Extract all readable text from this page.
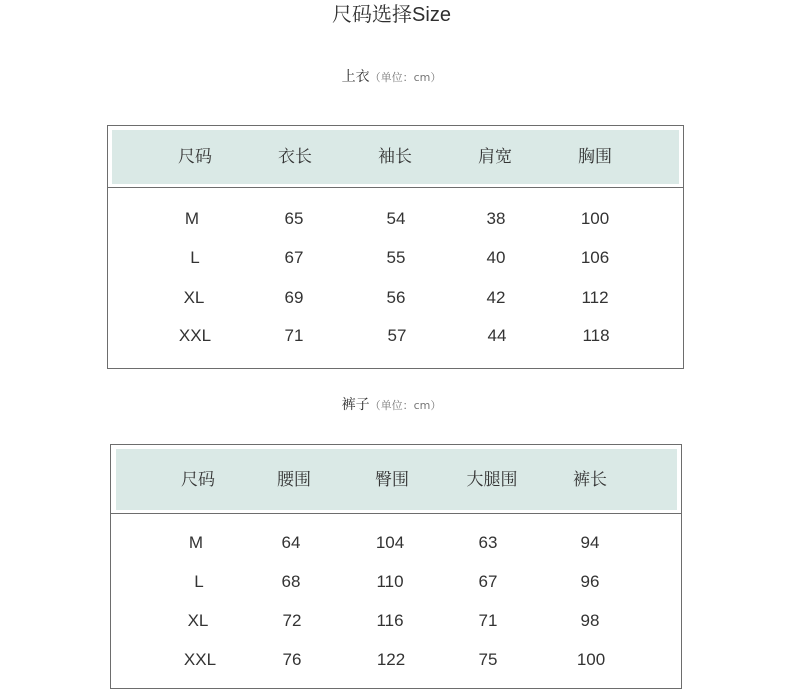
尺码选择Size
上衣（单位：cm）
尺码	衣长	袖长	肩宽	胸围
M	65	54	38	100
L	67	55	40	106
XL	69	56	42	112
XXL	71	57	44	118
裤子（单位：cm）
尺码	腰围	臀围	大腿围	裤长
M	64	104	63	94
L	68	110	67	96
XL	72	116	71	98
XXL	76	122	75	100
